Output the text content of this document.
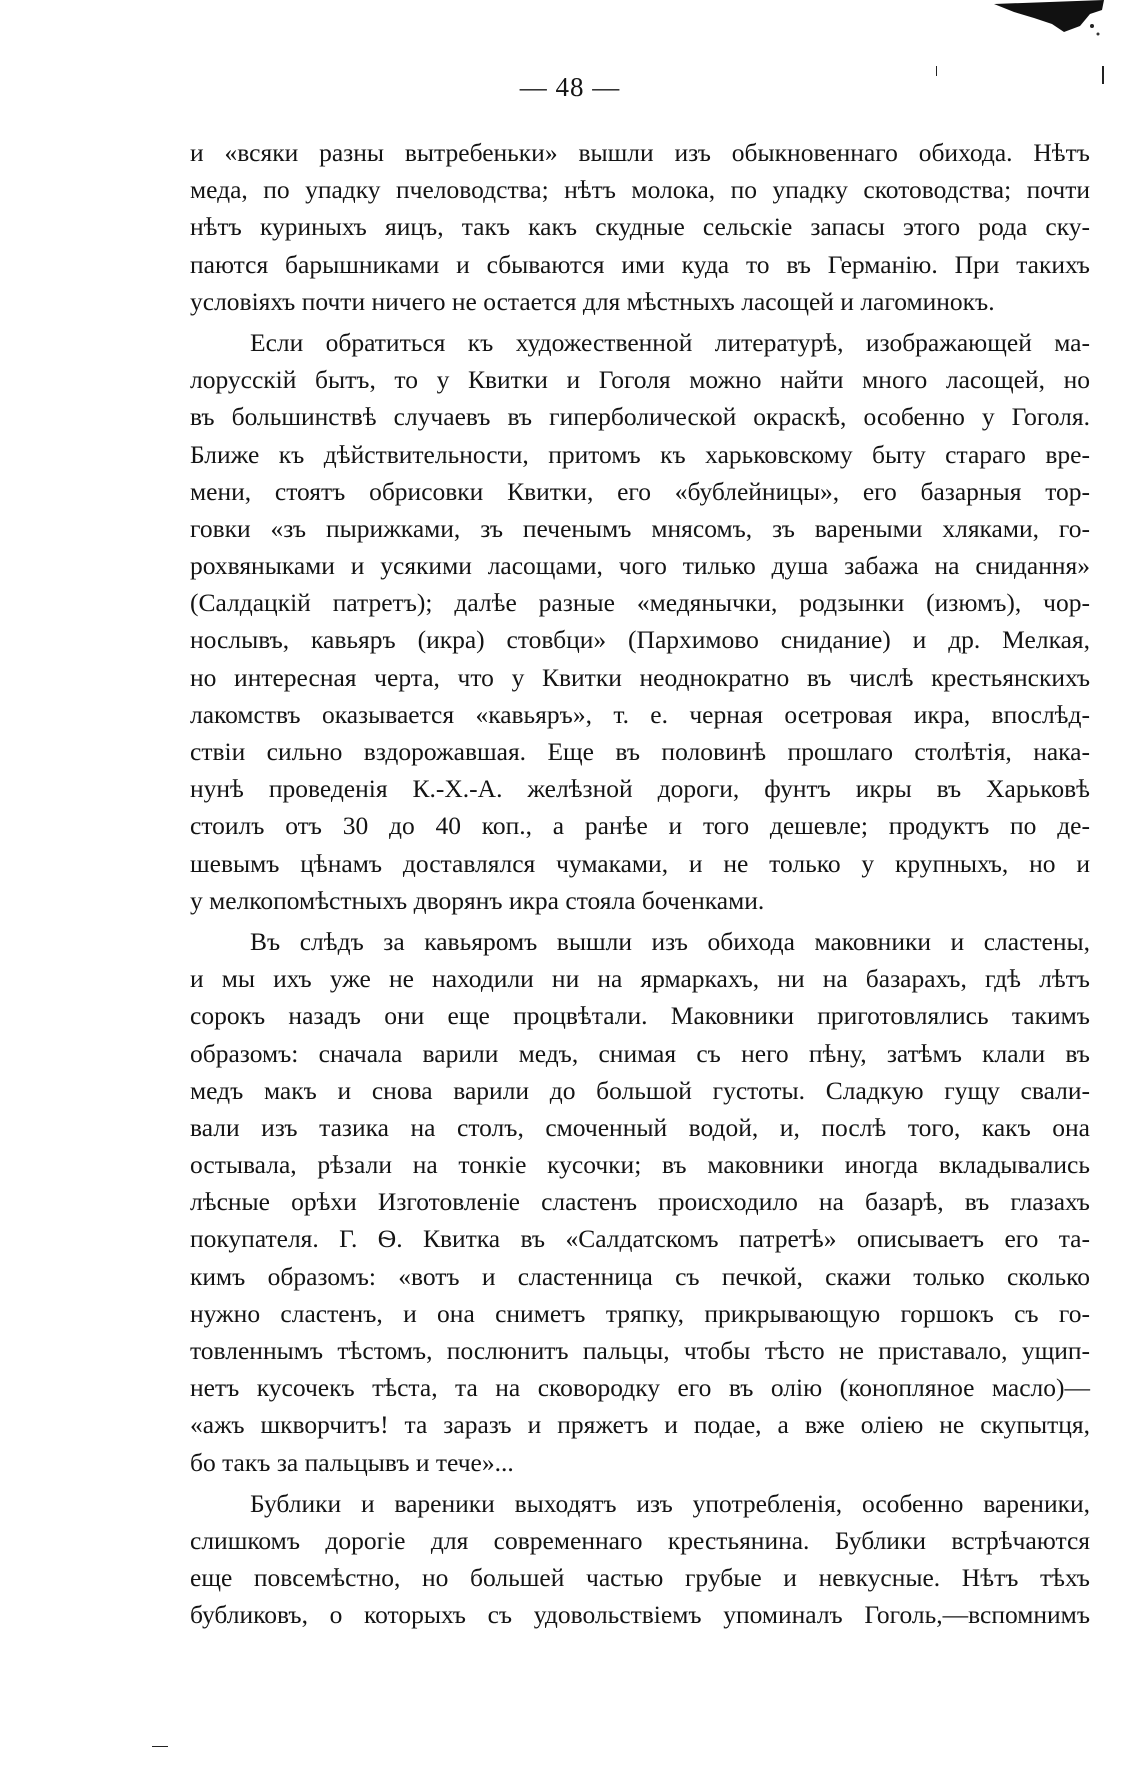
— 48 —
и «всяки разны вытребеньки» вышли изъ обыкновеннаго обихода. Нѣтъ
меда, по упадку пчеловодства; нѣтъ молока, по упадку скотоводства; почти
нѣтъ куриныхъ яицъ, такъ какъ скудные сельскіе запасы этого рода ску-
паются барышниками и сбываются ими куда то въ Германію. При такихъ
условіяхъ почти ничего не остается для мѣстныхъ ласощей и лагоминокъ.
Если обратиться къ художественной литературѣ, изображающей ма-
лорусскій бытъ, то у Квитки и Гоголя можно найти много ласощей, но
въ большинствѣ случаевъ въ гиперболической окраскѣ, особенно у Гоголя.
Ближе къ дѣйствительности, притомъ къ харьковскому быту стараго вре-
мени, стоятъ обрисовки Квитки, его «бублейницы», его базарныя тор-
говки «зъ пырижками, зъ печенымъ мнясомъ, зъ вареными хляками, го-
рохвяныками и усякими ласощами, чого тилько душа забажа на снидання»
(Салдацкій патретъ); далѣе разные «медянычки, родзынки (изюмъ), чор-
нослывъ, кавьяръ (икра) стовбци» (Пархимово снидание) и др. Мелкая,
но интересная черта, что у Квитки неоднократно въ числѣ крестьянскихъ
лакомствъ оказывается «кавьяръ», т. е. черная осетровая икра, впослѣд-
ствіи сильно вздорожавшая. Еще въ половинѣ прошлаго столѣтія, нака-
нунѣ проведенія К.-Х.-А. желѣзной дороги, фунтъ икры въ Харьковѣ
стоилъ отъ 30 до 40 коп., а ранѣе и того дешевле; продуктъ по де-
шевымъ цѣнамъ доставлялся чумаками, и не только у крупныхъ, но и
у мелкопомѣстныхъ дворянъ икра стояла боченками.
Въ слѣдъ за кавьяромъ вышли изъ обихода маковники и сластены,
и мы ихъ уже не находили ни на ярмаркахъ, ни на базарахъ, гдѣ лѣтъ
сорокъ назадъ они еще процвѣтали. Маковники приготовлялись такимъ
образомъ: сначала варили медъ, снимая съ него пѣну, затѣмъ клали въ
медъ макъ и снова варили до большой густоты. Сладкую гущу свали-
вали изъ тазика на столъ, смоченный водой, и, послѣ того, какъ она
остывала, рѣзали на тонкіе кусочки; въ маковники иногда вкладывались
лѣсные орѣхи Изготовленіе сластенъ происходило на базарѣ, въ глазахъ
покупателя. Г. Ѳ. Квитка въ «Салдатскомъ патретѣ» описываетъ его та-
кимъ образомъ: «вотъ и сластенница съ печкой, скажи только сколько
нужно сластенъ, и она сниметъ тряпку, прикрывающую горшокъ съ го-
товленнымъ тѣстомъ, послюнитъ пальцы, чтобы тѣсто не приставало, ущип-
нетъ кусочекъ тѣста, та на сковородку его въ олію (конопляное масло)—
«ажъ шкворчитъ! та заразъ и пряжетъ и подае, а вже оліею не скупытця,
бо такъ за пальцывъ и тече»...
Бублики и вареники выходятъ изъ употребленія, особенно вареники,
слишкомъ дорогіе для современнаго крестьянина. Бублики встрѣчаются
еще повсемѣстно, но большей частью грубые и невкусные. Нѣтъ тѣхъ
бубликовъ, о которыхъ съ удовольствіемъ упоминалъ Гоголь,—вспомнимъ
